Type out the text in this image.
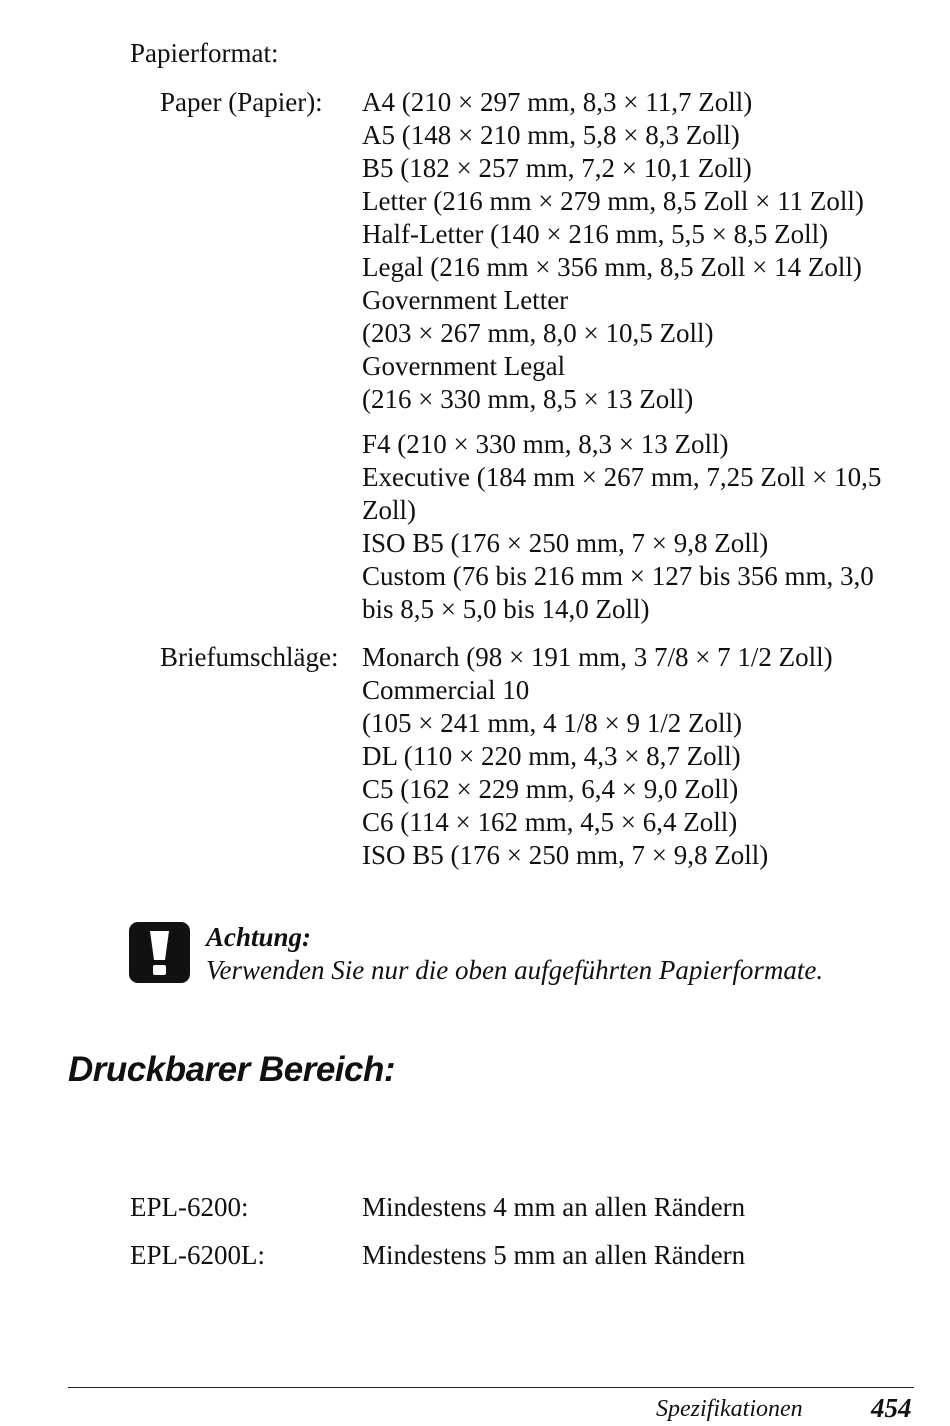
Papierformat:
Paper (Papier): A4 (210 × 297 mm, 8,3 × 11,7 Zoll)
A5 (148 × 210 mm, 5,8 × 8,3 Zoll)
B5 (182 × 257 mm, 7,2 × 10,1 Zoll)
Letter (216 mm × 279 mm, 8,5 Zoll × 11 Zoll)
Half-Letter (140 × 216 mm, 5,5 × 8,5 Zoll)
Legal (216 mm × 356 mm, 8,5 Zoll × 14 Zoll)
Government Letter
(203 × 267 mm, 8,0 × 10,5 Zoll)
Government Legal
(216 × 330 mm, 8,5 × 13 Zoll)
F4 (210 × 330 mm, 8,3 × 13 Zoll)
Executive (184 mm × 267 mm, 7,25 Zoll × 10,5
Zoll)
ISO B5 (176 × 250 mm, 7 × 9,8 Zoll)
Custom (76 bis 216 mm × 127 bis 356 mm, 3,0
bis 8,5 × 5,0 bis 14,0 Zoll)
Briefumschläge: Monarch (98 × 191 mm, 3 7/8 × 7 1/2 Zoll)
Commercial 10
(105 × 241 mm, 4 1/8 × 9 1/2 Zoll)
DL (110 × 220 mm, 4,3 × 8,7 Zoll)
C5 (162 × 229 mm, 6,4 × 9,0 Zoll)
C6 (114 × 162 mm, 4,5 × 6,4 Zoll)
ISO B5 (176 × 250 mm, 7 × 9,8 Zoll)
Achtung:
Verwenden Sie nur die oben aufgeführten Papierformate.
Druckbarer Bereich:
EPL-6200:	Mindestens 4 mm an allen Rändern
EPL-6200L:	Mindestens 5 mm an allen Rändern
Spezifikationen	454
